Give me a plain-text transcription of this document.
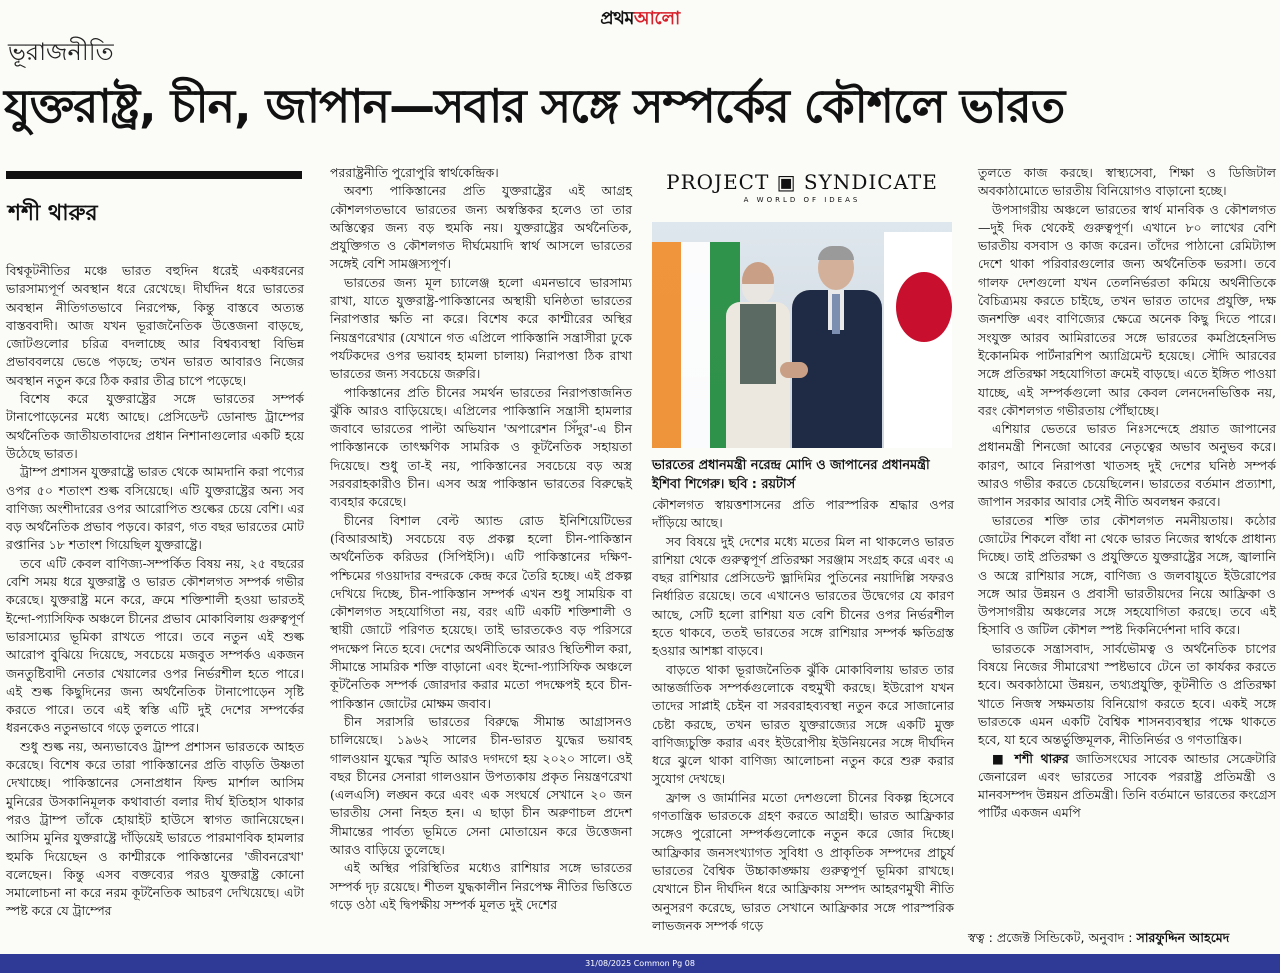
প্রথমআলো
ভূরাজনীতি
যুক্তরাষ্ট্র, চীন, জাপান—সবার সঙ্গে সম্পর্কের কৌশলে ভারত
শশী থারুর

বিশ্বকূটনীতির মঞ্চে ভারত বহুদিন ধরেই একধরনের ভারসাম্যপূর্ণ অবস্থান ধরে রেখেছে। দীর্ঘদিন ধরে ভারতের অবস্থান নীতিগতভাবে নিরপেক্ষ, কিন্তু বাস্তবে অত্যন্ত বাস্তববাদী। আজ যখন ভূরাজনৈতিক উত্তেজনা বাড়ছে, জোটগুলোর চরিত্র বদলাচ্ছে আর বিশ্বব্যবস্থা বিভিন্ন প্রভাববলয়ে ভেঙে পড়ছে; তখন ভারত আবারও নিজের অবস্থান নতুন করে ঠিক করার তীব্র চাপে পড়েছে।

বিশেষ করে যুক্তরাষ্ট্রের সঙ্গে ভারতের সম্পর্ক টানাপোড়েনের মধ্যে আছে। প্রেসিডেন্ট ডোনাল্ড ট্রাম্পের অর্থনৈতিক জাতীয়তাবাদের প্রধান নিশানাগুলোর একটি হয়ে উঠেছে ভারত।

ট্রাম্প প্রশাসন যুক্তরাষ্ট্রে ভারত থেকে আমদানি করা পণ্যের ওপর ৫০ শতাংশ শুল্ক বসিয়েছে। এটি যুক্তরাষ্ট্রের অন্য সব বাণিজ্য অংশীদারের ওপর আরোপিত শুল্কের চেয়ে বেশি। এর বড় অর্থনৈতিক প্রভাব পড়বে। কারণ, গত বছর ভারতের মোট রপ্তানির ১৮ শতাংশ গিয়েছিল যুক্তরাষ্ট্রে।

তবে এটি কেবল বাণিজ্য-সম্পর্কিত বিষয় নয়, ২৫ বছরের বেশি সময় ধরে যুক্তরাষ্ট্র ও ভারত কৌশলগত সম্পর্ক গভীর করেছে। যুক্তরাষ্ট্র মনে করে, ক্রমে শক্তিশালী হওয়া ভারতই ইন্দো-প্যাসিফিক অঞ্চলে চীনের প্রভাব মোকাবিলায় গুরুত্বপূর্ণ ভারসাম্যের ভূমিকা রাখতে পারে। তবে নতুন এই শুল্ক আরোপ বুঝিয়ে দিয়েছে, সবচেয়ে মজবুত সম্পর্কও একজন জনতুষ্টিবাদী নেতার খেয়ালের ওপর নির্ভরশীল হতে পারে। এই শুল্ক কিছুদিনের জন্য অর্থনৈতিক টানাপোড়েন সৃষ্টি করতে পারে। তবে এই স্বস্তি এটি দুই দেশের সম্পর্কের ধরনকেও নতুনভাবে গড়ে তুলতে পারে।

শুধু শুল্ক নয়, অন্যভাবেও ট্রাম্প প্রশাসন ভারতকে আহত করেছে। বিশেষ করে তারা পাকিস্তানের প্রতি বাড়তি উষ্ণতা দেখাচ্ছে। পাকিস্তানের সেনাপ্রধান ফিল্ড মার্শাল আসিম মুনিরের উসকানিমূলক কথাবার্তা বলার দীর্ঘ ইতিহাস থাকার পরও ট্রাম্প তাঁকে হোয়াইট হাউসে স্বাগত জানিয়েছেন। আসিম মুনির যুক্তরাষ্ট্রে দাঁড়িয়েই ভারতে পারমাণবিক হামলার হুমকি দিয়েছেন ও কাশ্মীরকে পাকিস্তানের 'জীবনরেখা' বলেছেন। কিন্তু এসব বক্তব্যের পরও যুক্তরাষ্ট্র কোনো সমালোচনা না করে নরম কূটনৈতিক আচরণ দেখিয়েছে। এটা স্পষ্ট করে যে ট্রাম্পের

পররাষ্ট্রনীতি পুরোপুরি স্বার্থকেন্দ্রিক।

অবশ্য পাকিস্তানের প্রতি যুক্তরাষ্ট্রের এই আগ্রহ কৌশলগতভাবে ভারতের জন্য অস্বস্তিকর হলেও তা তার অস্তিত্বের জন্য বড় হুমকি নয়। যুক্তরাষ্ট্রের অর্থনৈতিক, প্রযুক্তিগত ও কৌশলগত দীর্ঘমেয়াদি স্বার্থ আসলে ভারতের সঙ্গেই বেশি সামঞ্জস্যপূর্ণ।

ভারতের জন্য মূল চ্যালেঞ্জ হলো এমনভাবে ভারসাম্য রাখা, যাতে যুক্তরাষ্ট্র-পাকিস্তানের অস্থায়ী ঘনিষ্ঠতা ভারতের নিরাপত্তার ক্ষতি না করে। বিশেষ করে কাশ্মীরের অস্থির নিয়ন্ত্রণরেখার (যেখানে গত এপ্রিলে পাকিস্তানি সন্ত্রাসীরা ঢুকে পর্যটকদের ওপর ভয়াবহ হামলা চালায়) নিরাপত্তা ঠিক রাখা ভারতের জন্য সবচেয়ে জরুরি।

পাকিস্তানের প্রতি চীনের সমর্থন ভারতের নিরাপত্তাজনিত ঝুঁকি আরও বাড়িয়েছে। এপ্রিলের পাকিস্তানি সন্ত্রাসী হামলার জবাবে ভারতের পাল্টা অভিযান 'অপারেশন সিঁদুর'-এ চীন পাকিস্তানকে তাৎক্ষণিক সামরিক ও কূটনৈতিক সহায়তা দিয়েছে। শুধু তা-ই নয়, পাকিস্তানের সবচেয়ে বড় অস্ত্র সরবরাহকারীও চীন। এসব অস্ত্র পাকিস্তান ভারতের বিরুদ্ধেই ব্যবহার করেছে।

চীনের বিশাল বেল্ট অ্যান্ড রোড ইনিশিয়েটিভের (বিআরআই) সবচেয়ে বড় প্রকল্প হলো চীন-পাকিস্তান অর্থনৈতিক করিডর (সিপিইসি)। এটি পাকিস্তানের দক্ষিণ-পশ্চিমের গওয়াদার বন্দরকে কেন্দ্র করে তৈরি হচ্ছে। এই প্রকল্প দেখিয়ে দিচ্ছে, চীন-পাকিস্তান সম্পর্ক এখন শুধু সাময়িক বা কৌশলগত সহযোগিতা নয়, বরং এটি একটি শক্তিশালী ও স্থায়ী জোটে পরিণত হয়েছে। তাই ভারতকেও বড় পরিসরে পদক্ষেপ নিতে হবে। দেশের অর্থনীতিকে আরও স্থিতিশীল করা, সীমান্তে সামরিক শক্তি বাড়ানো এবং ইন্দো-প্যাসিফিক অঞ্চলে কূটনৈতিক সম্পর্ক জোরদার করার মতো পদক্ষেপই হবে চীন-পাকিস্তান জোটের মোক্ষম জবাব।

চীন সরাসরি ভারতের বিরুদ্ধে সীমান্ত আগ্রাসনও চালিয়েছে। ১৯৬২ সালের চীন-ভারত যুদ্ধের ভয়াবহ গালওয়ান যুদ্ধের স্মৃতি আরও দগদগে হয় ২০২০ সালে। ওই বছর চীনের সেনারা গালওয়ান উপত্যকায় প্রকৃত নিয়ন্ত্রণরেখা (এলএসি) লঙ্ঘন করে এবং এক সংঘর্ষে সেখানে ২০ জন ভারতীয় সেনা নিহত হন। এ ছাড়া চীন অরুণাচল প্রদেশ সীমান্তের পার্বত্য ভূমিতে সেনা মোতায়েন করে উত্তেজনা আরও বাড়িয়ে তুলেছে।

এই অস্থির পরিস্থিতির মধ্যেও রাশিয়ার সঙ্গে ভারতের সম্পর্ক দৃঢ় রয়েছে। শীতল যুদ্ধকালীন নিরপেক্ষ নীতির ভিত্তিতে গড়ে ওঠা এই দ্বিপক্ষীয় সম্পর্ক মূলত দুই দেশের

PROJECT ▣ SYNDICATE
A WORLD OF IDEAS
ভারতের প্রধানমন্ত্রী নরেন্দ্র মোদি ও জাপানের প্রধানমন্ত্রী ইশিবা শিগেরু। ছবি : রয়টার্স

কৌশলগত স্বায়ত্তশাসনের প্রতি পারস্পরিক শ্রদ্ধার ওপর দাঁড়িয়ে আছে।

সব বিষয়ে দুই দেশের মধ্যে মতের মিল না থাকলেও ভারত রাশিয়া থেকে গুরুত্বপূর্ণ প্রতিরক্ষা সরঞ্জাম সংগ্রহ করে এবং এ বছর রাশিয়ার প্রেসিডেন্ট ভ্লাদিমির পুতিনের নয়াদিল্লি সফরও নির্ধারিত রয়েছে। তবে এখানেও ভারতের উদ্বেগের যে কারণ আছে, সেটি হলো রাশিয়া যত বেশি চীনের ওপর নির্ভরশীল হতে থাকবে, ততই ভারতের সঙ্গে রাশিয়ার সম্পর্ক ক্ষতিগ্রস্ত হওয়ার আশঙ্কা বাড়বে।

বাড়তে থাকা ভূরাজনৈতিক ঝুঁকি মোকাবিলায় ভারত তার আন্তর্জাতিক সম্পর্কগুলোকে বহুমুখী করছে। ইউরোপ যখন তাদের সাপ্লাই চেইন বা সরবরাহব্যবস্থা নতুন করে সাজানোর চেষ্টা করছে, তখন ভারত যুক্তরাজ্যের সঙ্গে একটি মুক্ত বাণিজ্যচুক্তি করার এবং ইউরোপীয় ইউনিয়নের সঙ্গে দীর্ঘদিন ধরে ঝুলে থাকা বাণিজ্য আলোচনা নতুন করে শুরু করার সুযোগ দেখছে।

ফ্রান্স ও জার্মানির মতো দেশগুলো চীনের বিকল্প হিসেবে গণতান্ত্রিক ভারতকে গ্রহণ করতে আগ্রহী। ভারত আফ্রিকার সঙ্গেও পুরোনো সম্পর্কগুলোকে নতুন করে জোর দিচ্ছে। আফ্রিকার জনসংখ্যাগত সুবিধা ও প্রাকৃতিক সম্পদের প্রাচুর্য ভারতের বৈশ্বিক উচ্চাকাঙ্ক্ষায় গুরুত্বপূর্ণ ভূমিকা রাখছে। যেখানে চীন দীর্ঘদিন ধরে আফ্রিকায় সম্পদ আহরণমুখী নীতি অনুসরণ করেছে, ভারত সেখানে আফ্রিকার সঙ্গে পারস্পরিক লাভজনক সম্পর্ক গড়ে

তুলতে কাজ করছে। স্বাস্থ্যসেবা, শিক্ষা ও ডিজিটাল অবকাঠামোতে ভারতীয় বিনিয়োগও বাড়ানো হচ্ছে।

উপসাগরীয় অঞ্চলে ভারতের স্বার্থ মানবিক ও কৌশলগত—দুই দিক থেকেই গুরুত্বপূর্ণ। এখানে ৮০ লাখের বেশি ভারতীয় বসবাস ও কাজ করেন। তাঁদের পাঠানো রেমিট্যান্স দেশে থাকা পরিবারগুলোর জন্য অর্থনৈতিক ভরসা। তবে গালফ দেশগুলো যখন তেলনির্ভরতা কমিয়ে অর্থনীতিকে বৈচিত্র্যময় করতে চাইছে, তখন ভারত তাদের প্রযুক্তি, দক্ষ জনশক্তি এবং বাণিজ্যের ক্ষেত্রে অনেক কিছু দিতে পারে। সংযুক্ত আরব আমিরাতের সঙ্গে ভারতের কমপ্রিহেনসিভ ইকোনমিক পার্টনারশিপ অ্যাগ্রিমেন্ট হয়েছে। সৌদি আরবের সঙ্গে প্রতিরক্ষা সহযোগিতা ক্রমেই বাড়ছে। এতে ইঙ্গিত পাওয়া যাচ্ছে, এই সম্পর্কগুলো আর কেবল লেনদেনভিত্তিক নয়, বরং কৌশলগত গভীরতায় পৌঁছাচ্ছে।

এশিয়ার ভেতরে ভারত নিঃসন্দেহে প্রয়াত জাপানের প্রধানমন্ত্রী শিনজো আবের নেতৃত্বের অভাব অনুভব করে। কারণ, আবে নিরাপত্তা খাতসহ দুই দেশের ঘনিষ্ঠ সম্পর্ক আরও গভীর করতে চেয়েছিলেন। ভারতের বর্তমান প্রত্যাশা, জাপান সরকার আবার সেই নীতি অবলম্বন করবে।

ভারতের শক্তি তার কৌশলগত নমনীয়তায়। কঠোর জোটের শিকলে বাঁধা না থেকে ভারত নিজের স্বার্থকে প্রাধান্য দিচ্ছে। তাই প্রতিরক্ষা ও প্রযুক্তিতে যুক্তরাষ্ট্রের সঙ্গে, জ্বালানি ও অস্ত্রে রাশিয়ার সঙ্গে, বাণিজ্য ও জলবায়ুতে ইউরোপের সঙ্গে আর উন্নয়ন ও প্রবাসী ভারতীয়দের নিয়ে আফ্রিকা ও উপসাগরীয় অঞ্চলের সঙ্গে সহযোগিতা করছে। তবে এই হিসাবি ও জটিল কৌশল স্পষ্ট দিকনির্দেশনা দাবি করে।

ভারতকে সন্ত্রাসবাদ, সার্বভৌমত্ব ও অর্থনৈতিক চাপের বিষয়ে নিজের সীমারেখা স্পষ্টভাবে টেনে তা কার্যকর করতে হবে। অবকাঠামো উন্নয়ন, তথ্যপ্রযুক্তি, কূটনীতি ও প্রতিরক্ষা খাতে নিজস্ব সক্ষমতায় বিনিয়োগ করতে হবে। একই সঙ্গে ভারতকে এমন একটি বৈশ্বিক শাসনব্যবস্থার পক্ষে থাকতে হবে, যা হবে অন্তর্ভুক্তিমূলক, নীতিনির্ভর ও গণতান্ত্রিক।

■ শশী থারুর জাতিসংঘের সাবেক আন্ডার সেক্রেটারি জেনারেল এবং ভারতের সাবেক পররাষ্ট্র প্রতিমন্ত্রী ও মানবসম্পদ উন্নয়ন প্রতিমন্ত্রী। তিনি বর্তমানে ভারতের কংগ্রেস পার্টির একজন এমপি

স্বত্ব : প্রজেক্ট সিন্ডিকেট, অনুবাদ : সারফুদ্দিন আহমেদ
31/08/2025 Common Pg 08
